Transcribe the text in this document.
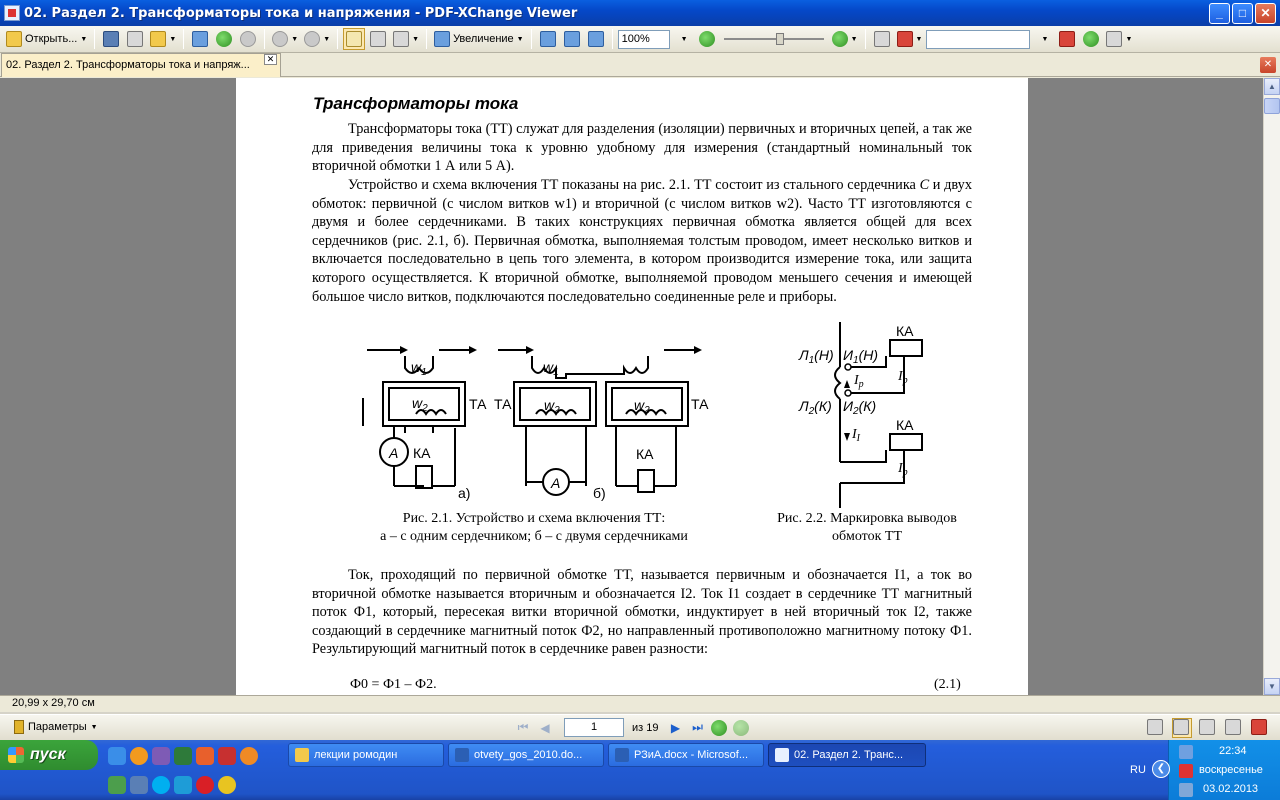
02. Раздел 2. Трансформаторы тока и напряжения - PDF-XChange Viewer	_	□	✕
Открыть... ▼	▼	▼	▼	▼	Увеличение ▼	100%	▼	▼	▼	▼	▼
02. Раздел 2. Трансформаторы тока и напряж...	✕	✕
Трансформаторы тока
Трансформаторы тока (ТТ) служат для разделения (изоляции) первичных и вторичных цепей, а так же для приведения величины тока к уровню удобному для измерения (стандартный номинальный ток вторичной обмотки 1 А или 5 А).
Устройство и схема включения ТТ показаны на рис. 2.1. ТТ состоит из стального сердечника С и двух обмоток: первичной (с числом витков w1) и вторичной (с числом витков w2). Часто ТТ изготовляются с двумя и более сердечниками. В таких конструкциях первичная обмотка является общей для всех сердечников (рис. 2.1, б). Первичная обмотка, выполняемая толстым проводом, имеет несколько витков и включается последовательно в цепь того элемента, в котором производится измерение тока, или защита которого осуществляется. К вторичной обмотке, выполняемой проводом меньшего сечения и имеющей большое число витков, подключаются последовательно соединенные реле и приборы.
$w_1$
$w_2$	ТА
А КА
а)
$w_1$
$w_2$	$w_2$
ТА	ТА
А
КА
б)
КА
КА
$Л_1(Н)$ $И_1(Н)$
$Л_2(К)$ $И_2(К)$
$I_р$
$I_р$
$I_р$
$I_I$
Рис. 2.1. Устройство и схема включения ТТ:
а – с одним сердечником; б – с двумя сердечниками
Рис. 2.2. Маркировка выводов
обмоток ТТ
Ток, проходящий по первичной обмотке ТТ, называется первичным и обозначается I1, а ток во вторичной обмотке называется вторичным и обозначается I2. Ток I1 создает в сердечнике ТТ магнитный поток Ф1, который, пересекая витки вторичной обмотки, индуктирует в ней вторичный ток I2, также создающий в сердечнике магнитный поток Ф2, но направленный противоположно магнитному потоку Ф1. Результирующий магнитный поток в сердечнике равен разности:
Ф0 = Ф1 – Ф2.	(2.1)
▲
▼
20,99 x 29,70 см
Параметры ▼	⏮ ◀	1	из 19	▶ ⏭
пуск	лекции ромодин	otvety_gos_2010.do...	РЗиА.docx - Microsof...	02. Раздел 2. Транс...
RU
22:34
воскресенье
03.02.2013
❮
